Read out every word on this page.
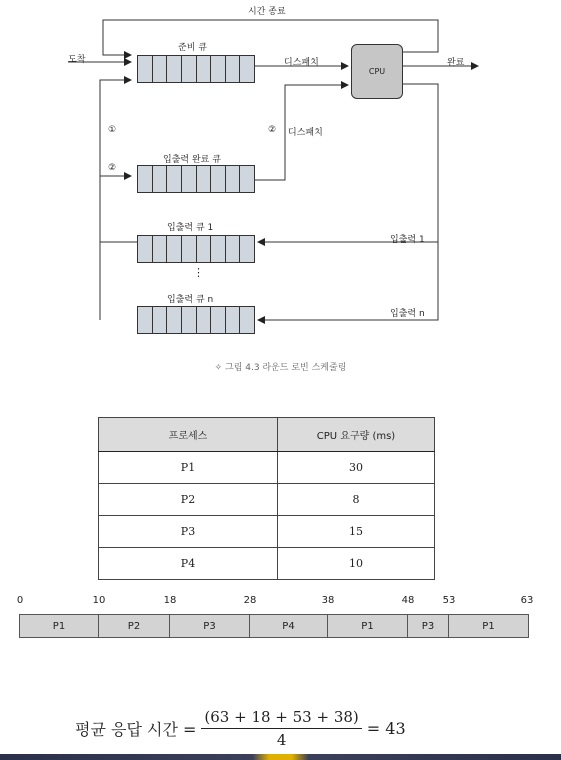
시간 종료
도착
준비 큐
디스패치
CPU
완료
①
②
② 디스패치
입출력 완료 큐
입출력 큐 1
입출력 1
⋮
입출력 큐 n
입출력 n
✧ 그림 4.3 라운드 로빈 스케줄링
프로세스	CPU 요구량 (ms)
P1	30
P2	8
P3	15
P4	10
0	10	18	28	38	48	53	63
P1	P2	P3	P4	P1	P3	P1
평균 응답 시간 = $\frac{(63 + 18 + 53 + 38)}{4} = 43$
